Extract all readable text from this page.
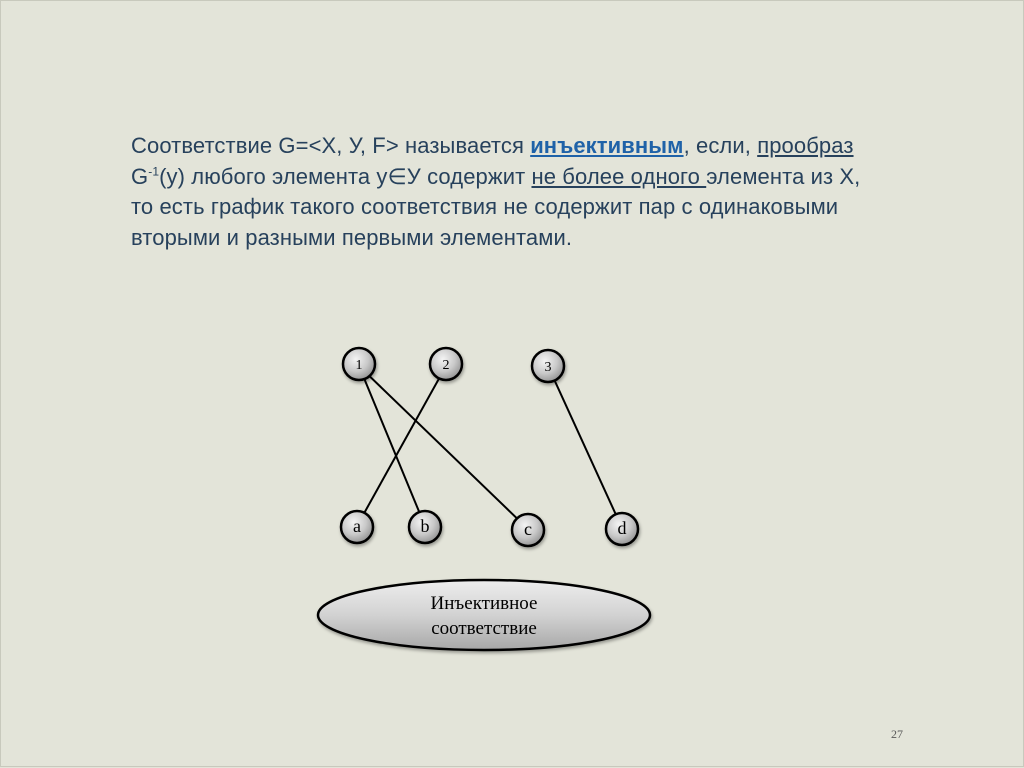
Соответствие G=<X, У, F> называется инъективным, если, прообраз $G^{-1}(y)$ любого элемента y∈У содержит не более одного элемента из X, то есть график такого соответствия не содержит пар с одинаковыми вторыми и разными первыми элементами.
1	2	3
a	b	c	d
Инъективное
соответствие
27
